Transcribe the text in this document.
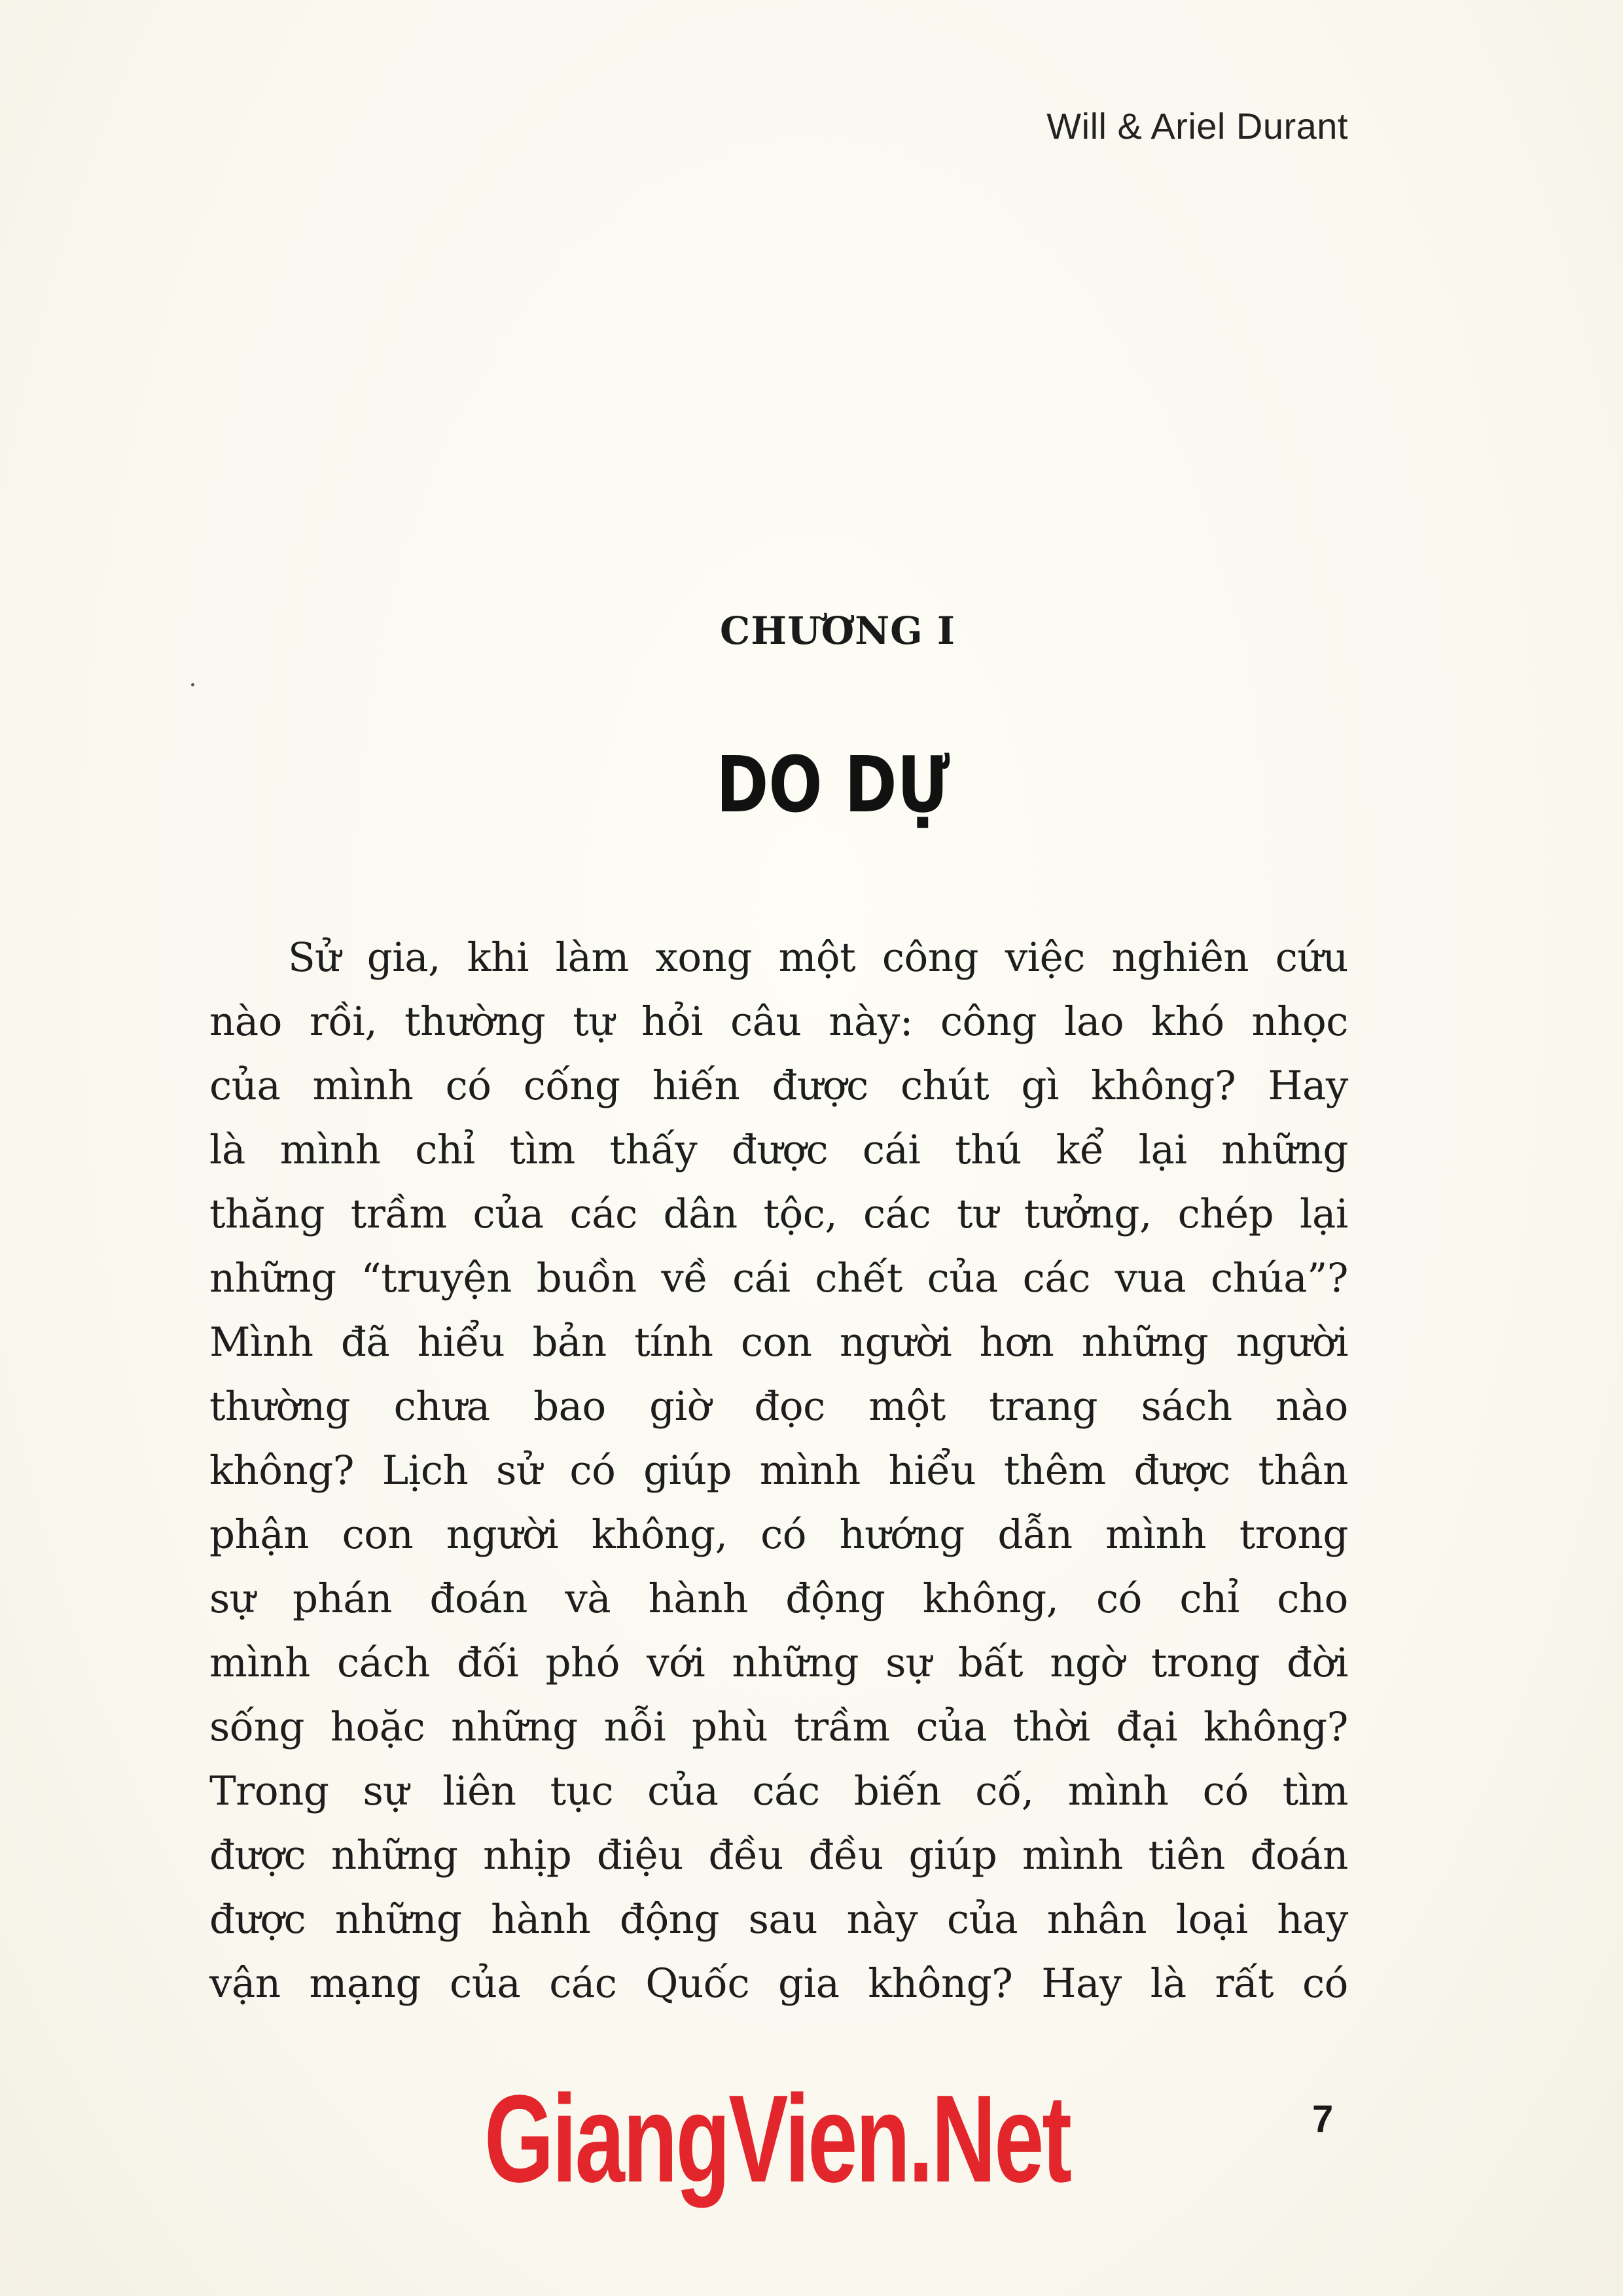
Will & Ariel Durant
CHƯƠNG I
DO DỰ
Sử gia, khi làm xong một công việc nghiên cứu
nào rồi, thường tự hỏi câu này: công lao khó nhọc
của mình có cống hiến được chút gì không? Hay
là mình chỉ tìm thấy được cái thú kể lại những
thăng trầm của các dân tộc, các tư tưởng, chép lại
những “truyện buồn về cái chết của các vua chúa”?
Mình đã hiểu bản tính con người hơn những người
thường chưa bao giờ đọc một trang sách nào
không? Lịch sử có giúp mình hiểu thêm được thân
phận con người không, có hướng dẫn mình trong
sự phán đoán và hành động không, có chỉ cho
mình cách đối phó với những sự bất ngờ trong đời
sống hoặc những nỗi phù trầm của thời đại không?
Trong sự liên tục của các biến cố, mình có tìm
được những nhịp điệu đều đều giúp mình tiên đoán
được những hành động sau này của nhân loại hay
vận mạng của các Quốc gia không? Hay là rất có
GiangVien.Net	7
